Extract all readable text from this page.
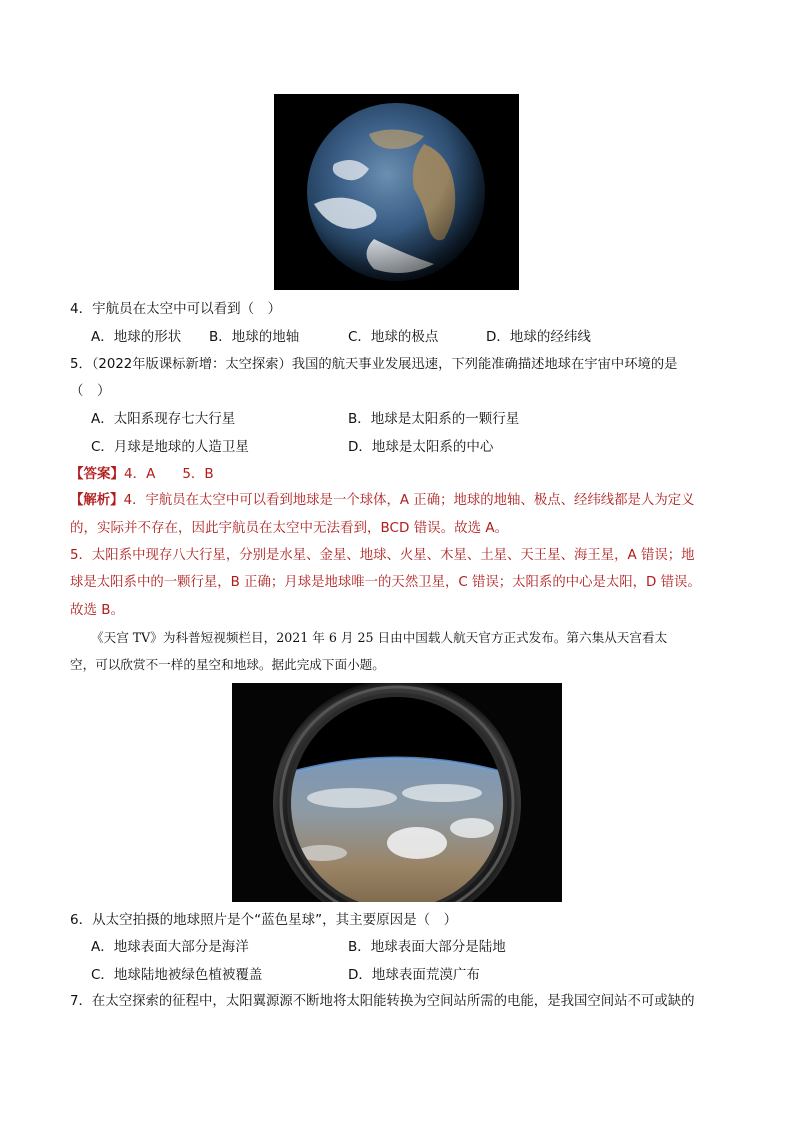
4．宇航员在太空中可以看到（　）
A．地球的形状 B．地球的地轴	C．地球的极点	D．地球的经纬线
5．（2022年版课标新增：太空探索）我国的航天事业发展迅速，下列能准确描述地球在宇宙中环境的是
（　）
A．太阳系现存七大行星	B．地球是太阳系的一颗行星
C．月球是地球的人造卫星	D．地球是太阳系的中心
【答案】4．A　　5．B
【解析】4．宇航员在太空中可以看到地球是一个球体，A 正确；地球的地轴、极点、经纬线都是人为定义
的，实际并不存在，因此宇航员在太空中无法看到，BCD 错误。故选 A。
5．太阳系中现存八大行星，分别是水星、金星、地球、火星、木星、土星、天王星、海王星，A 错误；地
球是太阳系中的一颗行星，B 正确；月球是地球唯一的天然卫星，C 错误；太阳系的中心是太阳，D 错误。
故选 B。
《天宫 TV》为科普短视频栏目，2021 年 6 月 25 日由中国载人航天官方正式发布。第六集从天宫看太
空，可以欣赏不一样的星空和地球。据此完成下面小题。
6．从太空拍摄的地球照片是个“蓝色星球”，其主要原因是（　）
A．地球表面大部分是海洋	B．地球表面大部分是陆地
C．地球陆地被绿色植被覆盖	D．地球表面荒漠广布
7．在太空探索的征程中，太阳翼源源不断地将太阳能转换为空间站所需的电能，是我国空间站不可或缺的
